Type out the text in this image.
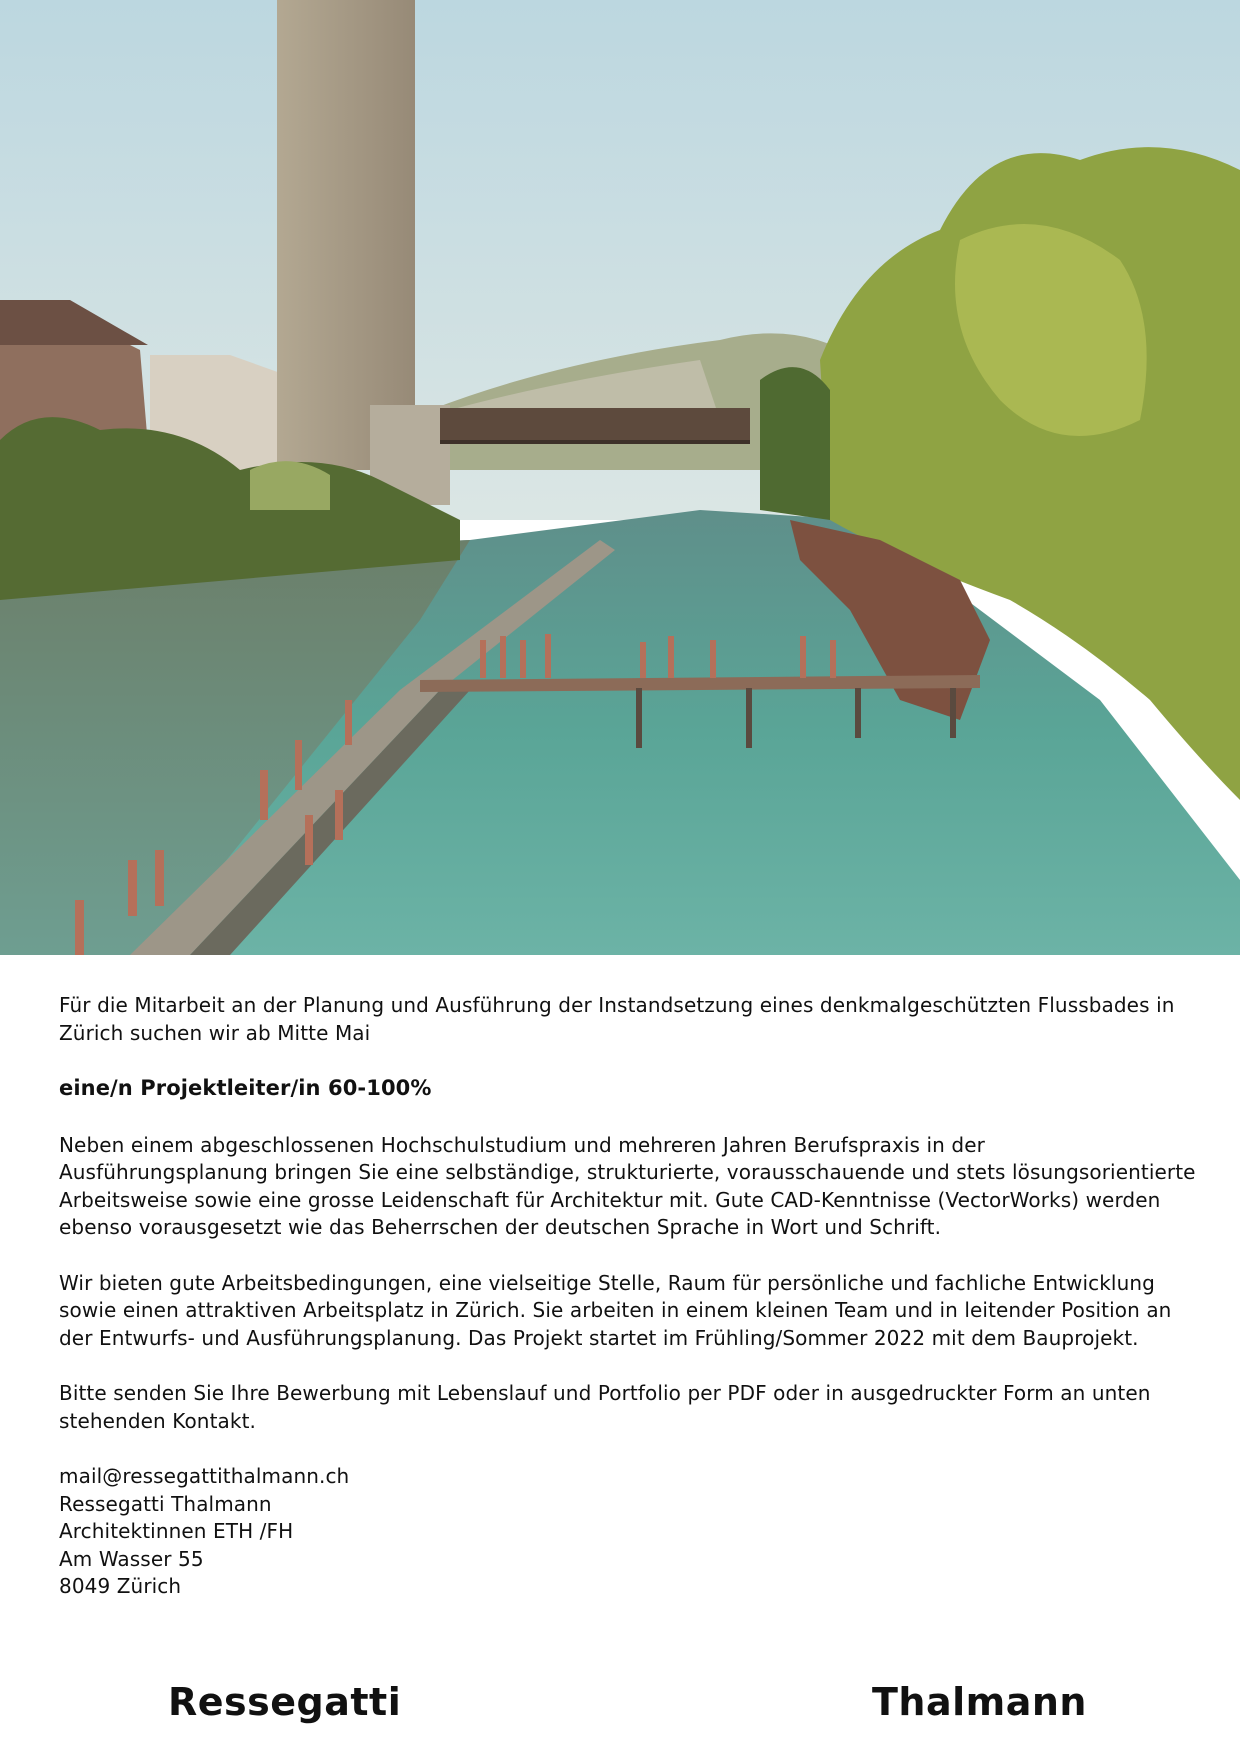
Für die Mitarbeit an der Planung und Ausführung der Instandsetzung eines denkmalgeschützten Flussbades in Zürich suchen wir ab Mitte Mai

eine/n Projektleiter/in 60-100%

Neben einem abgeschlossenen Hochschulstudium und mehreren Jahren Berufspraxis in der Ausführungsplanung bringen Sie eine selbständige, strukturierte, vorausschauende und stets lösungsorientierte Arbeitsweise sowie eine grosse Leidenschaft für Architektur mit. Gute CAD-Kenntnisse (VectorWorks) werden ebenso vorausgesetzt wie das Beherrschen der deutschen Sprache in Wort und Schrift.

Wir bieten gute Arbeitsbedingungen, eine vielseitige Stelle, Raum für persönliche und fachliche Entwicklung sowie einen attraktiven Arbeitsplatz in Zürich. Sie arbeiten in einem kleinen Team und in leitender Position an der Entwurfs- und Ausführungsplanung. Das Projekt startet im Frühling/Sommer 2022 mit dem Bauprojekt.

Bitte senden Sie Ihre Bewerbung mit Lebenslauf und Portfolio per PDF oder in ausgedruckter Form an unten stehenden Kontakt.

mail@ressegattithalmann.ch
Ressegatti Thalmann
Architektinnen ETH /FH
Am Wasser 55
8049 Zürich
Ressegatti	Thalmann
